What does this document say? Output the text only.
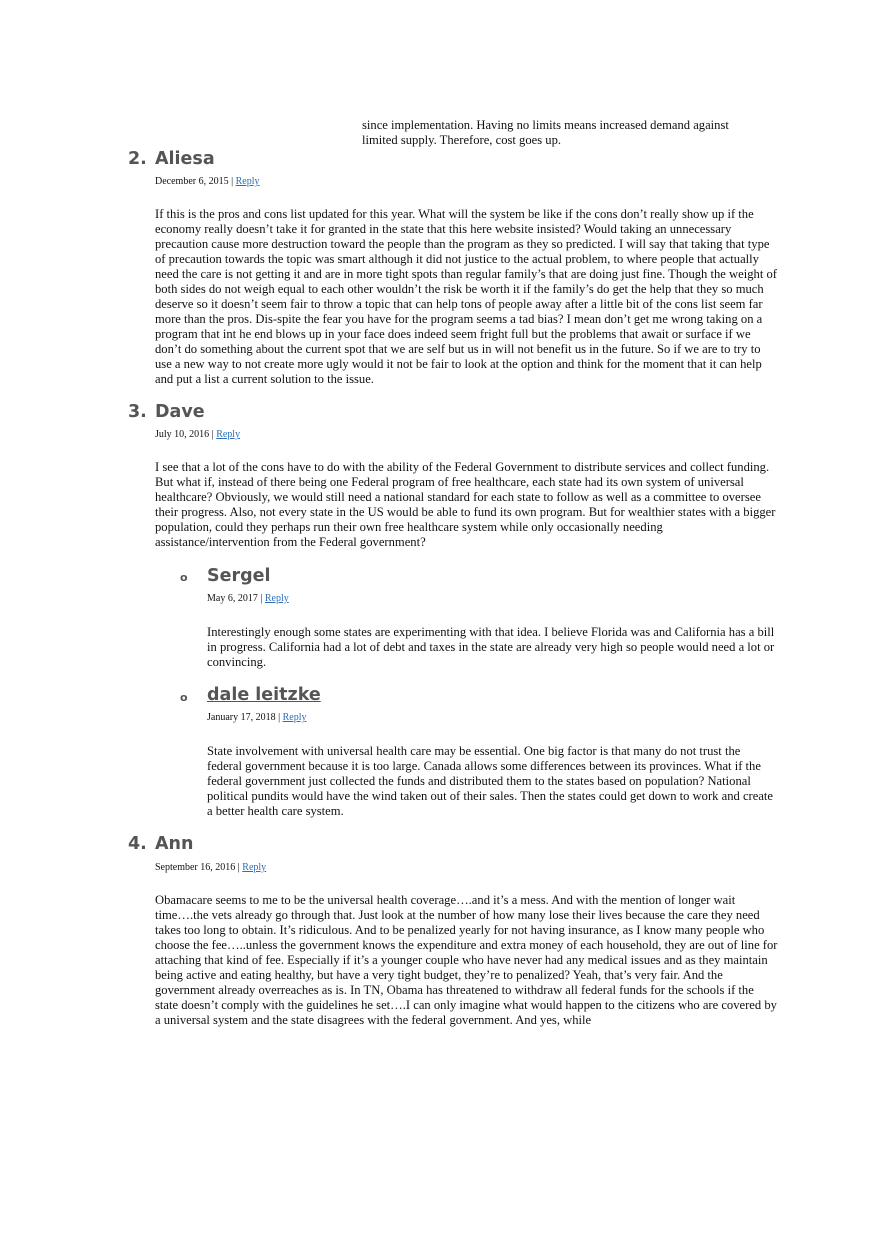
since implementation. Having no limits means increased demand against limited supply. Therefore, cost goes up.

2. Aliesa
December 6, 2015 | Reply

If this is the pros and cons list updated for this year. What will the system be like if the cons don’t really show up if the economy really doesn’t take it for granted in the state that this here website insisted? Would taking an unnecessary precaution cause more destruction toward the people than the program as they so predicted. I will say that taking that type of precaution towards the topic was smart although it did not justice to the actual problem, to where people that actually need the care is not getting it and are in more tight spots than regular family’s that are doing just fine. Though the weight of both sides do not weigh equal to each other wouldn’t the risk be worth it if the family’s do get the help that they so much deserve so it doesn’t seem fair to throw a topic that can help tons of people away after a little bit of the cons list seem far more than the pros. Dis-spite the fear you have for the program seems a tad bias? I mean don’t get me wrong taking on a program that int he end blows up in your face does indeed seem fright full but the problems that await or surface if we don’t do something about the current spot that we are self but us in will not benefit us in the future. So if we are to try to use a new way to not create more ugly would it not be fair to look at the option and think for the moment that it can help and put a list a current solution to the issue.

3. Dave
July 10, 2016 | Reply

I see that a lot of the cons have to do with the ability of the Federal Government to distribute services and collect funding. But what if, instead of there being one Federal program of free healthcare, each state had its own system of universal healthcare? Obviously, we would still need a national standard for each state to follow as well as a committee to oversee their progress. Also, not every state in the US would be able to fund its own program. But for wealthier states with a bigger population, could they perhaps run their own free healthcare system while only occasionally needing assistance/intervention from the Federal government?

o Sergel
May 6, 2017 | Reply

Interestingly enough some states are experimenting with that idea. I believe Florida was and California has a bill in progress. California had a lot of debt and taxes in the state are already very high so people would need a lot or convincing.

o dale leitzke
January 17, 2018 | Reply

State involvement with universal health care may be essential. One big factor is that many do not trust the federal government because it is too large. Canada allows some differences between its provinces. What if the federal government just collected the funds and distributed them to the states based on population? National political pundits would have the wind taken out of their sales. Then the states could get down to work and create a better health care system.

4. Ann
September 16, 2016 | Reply

Obamacare seems to me to be the universal health coverage….and it’s a mess. And with the mention of longer wait time….the vets already go through that. Just look at the number of how many lose their lives because the care they need takes too long to obtain. It’s ridiculous. And to be penalized yearly for not having insurance, as I know many people who choose the fee…..unless the government knows the expenditure and extra money of each household, they are out of line for attaching that kind of fee. Especially if it’s a younger couple who have never had any medical issues and as they maintain being active and eating healthy, but have a very tight budget, they’re to penalized? Yeah, that’s very fair. And the government already overreaches as is. In TN, Obama has threatened to withdraw all federal funds for the schools if the state doesn’t comply with the guidelines he set….I can only imagine what would happen to the citizens who are covered by a universal system and the state disagrees with the federal government. And yes, while
